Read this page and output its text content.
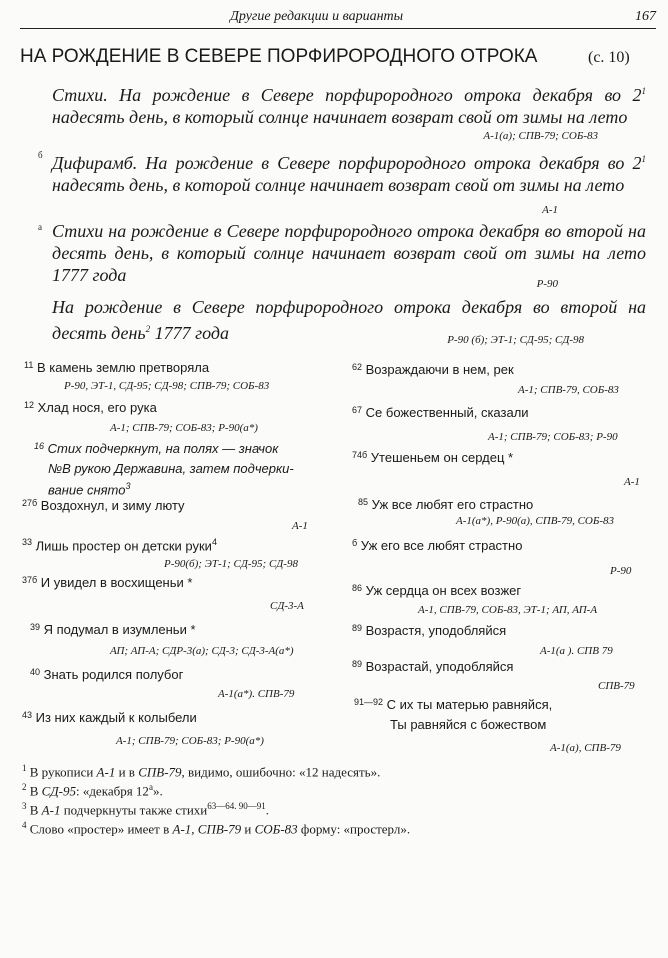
Другие редакции и варианты	167
НА РОЖДЕНИЕ В СЕВЕРЕ ПОРФИРОРОДНОГО ОТРОКА	(с. 10)
Стихи. На рождение в Севере порфирородного отрока декабря во $2^1$ надесять день, в который солнце начинает возврат свой от зимы на лето
А-1(а); СПВ-79; СОБ-83
б Дифирамб. На рождение в Севере порфирородного отрока декабря во $2^1$ надесять день, в которой солнце начинает возврат свой от зимы на лето
А-1
а Стихи на рождение в Севере порфирородного отрока декабря во второй на десять день, в который солнце начинает возврат свой от зимы на лето 1777 года	Р-90
На рождение в Севере порфирородного отрока декабря во второй на десять день$^2$ 1777 года	Р-90 (б); ЭТ-1; СД-95; СД-98
$^{11}$ В камень землю претворяла
Р-90, ЭТ-1, СД-95; СД-98; СПВ-79; СОБ-83
$^{12}$ Хлад нося, его рука
А-1; СПВ-79; СОБ-83; Р-90(а*)
$^{16}$ Стих подчеркнут, на полях — значок
№В рукою Державина, затем подчерки-
вание снято$^3$
$^{27б}$ Воздохнул, и зиму люту
А-1
$^{33}$ Лишь простер он детски руки$^4$
Р-90(б); ЭТ-1; СД-95; СД-98
$^{37б}$ И увидел в восхищеньи *
СД-3-А
$^{39}$ Я подумал в изумленьи *
АП; АП-А; СДР-3(а); СД-3; СД-3-А(а*)
$^{40}$ Знать родился полубог
А-1(а*). СПВ-79
$^{43}$ Из них каждый к колыбели
А-1; СПВ-79; СОБ-83; Р-90(а*)
$^{62}$ Возраждаючи в нем, рек
А-1; СПВ-79, СОБ-83
$^{67}$ Се божественный, сказали
А-1; СПВ-79; СОБ-83; Р-90
$^{74б}$ Утешеньем он сердец *
А-1
$^{85}$ Уж все любят его страстно
А-1(а*), Р-90(а), СПВ-79, СОБ-83
$^б$ Уж его все любят страстно
Р-90
$^{86}$ Уж сердца он всех возжег
А-1, СПВ-79, СОБ-83, ЭТ-1; АП, АП-А
$^{89}$ Возрастя, уподобляйся
А-1(а ). СПВ 79
$^{89}$ Возрастай, уподобляйся
СПВ-79
$^{91—92}$ С их ты матерью равняйся,
Ты равняйся с божеством
А-1(а), СПВ-79
$^1$ В рукописи А-1 и в СПВ-79, видимо, ошибочно: «12 надесять».
$^2$ В СД-95: «декабря $12^а$».
$^3$ В А-1 подчеркнуты также стихи$^{63—64. 90—91}$.
$^4$ Слово «простер» имеет в А-1, СПВ-79 и СОБ-83 форму: «простерл».
